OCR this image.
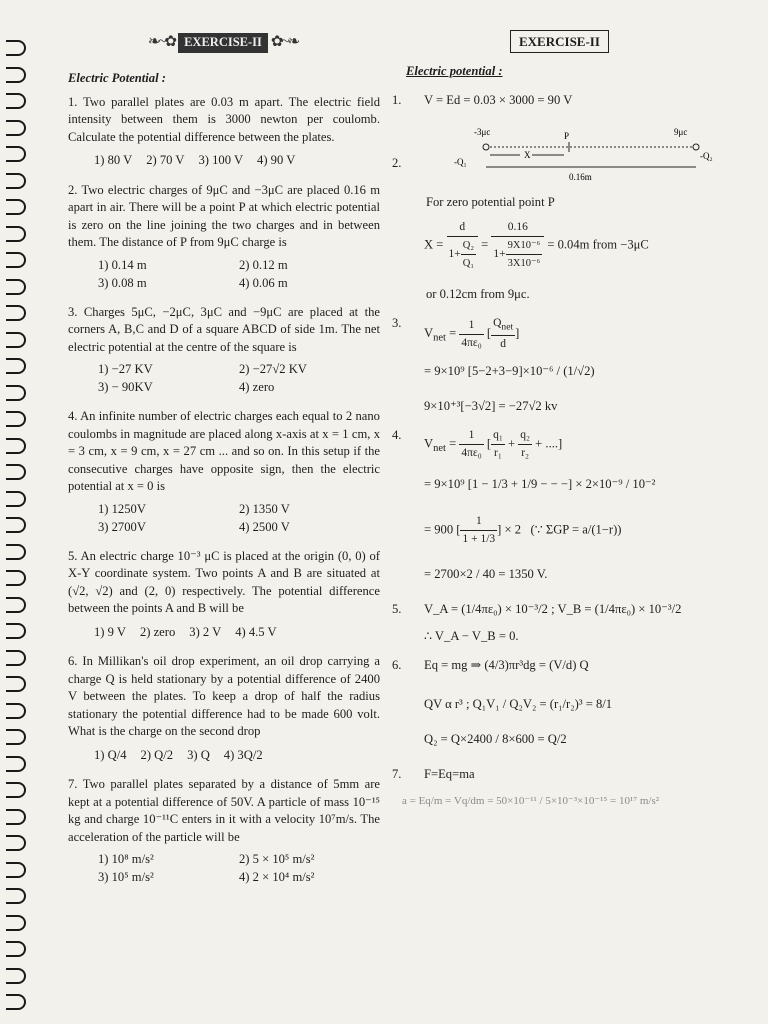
❧~✿ EXERCISE-II ✿~❧
Electric Potential :

1. Two parallel plates are 0.03 m apart. The electric field intensity between them is 3000 newton per coulomb. Calculate the potential difference between the plates.

1) 80 V 2) 70 V 3) 100 V 4) 90 V

2. Two electric charges of 9μC and −3μC are placed 0.16 m apart in air. There will be a point P at which electric potential is zero on the line joining the two charges and in between them. The distance of P from 9μC charge is

1) 0.14 m	2) 0.12 m
3) 0.08 m	4) 0.06 m

3. Charges 5μC, −2μC, 3μC and −9μC are placed at the corners A, B,C and D of a square ABCD of side 1m. The net electric potential at the centre of the square is

1) −27 KV	2) −27√2 KV
3) − 90KV	4) zero

4. An infinite number of electric charges each equal to 2 nano coulombs in magnitude are placed along x-axis at x = 1 cm, x = 3 cm, x = 9 cm, x = 27 cm ... and so on. In this setup if the consecutive charges have opposite sign, then the electric potential at x = 0 is

1) 1250V	2) 1350 V
3) 2700V	4) 2500 V

5. An electric charge 10⁻³ μC is placed at the origin (0, 0) of X-Y coordinate system. Two points A and B are situated at (√2, √2) and (2, 0) respectively. The potential difference between the points A and B will be

1) 9 V 2) zero 3) 2 V 4) 4.5 V

6. In Millikan's oil drop experiment, an oil drop carrying a charge Q is held stationary by a potential difference of 2400 V between the plates. To keep a drop of half the radius stationary the potential difference had to be made 600 volt. What is the charge on the second drop

1) Q/4 2) Q/2 3) Q 4) 3Q/2

7. Two parallel plates separated by a distance of 5mm are kept at a potential difference of 50V. A particle of mass 10⁻¹⁵ kg and charge 10⁻¹¹C enters in it with a velocity 10⁷m/s. The acceleration of the particle will be

1) 10⁸ m/s²	2) 5 × 10⁵ m/s²
3) 10⁵ m/s²	4) 2 × 10⁴ m/s²
EXERCISE-II
Electric potential :
1.	V = Ed = 0.03 × 3000 = 90 V
2.
-3μc	P	9μc
X
-Q₁
-Q₂
0.16m
For zero potential point P
$X = \frac{d}{1+ \frac{\text{Q₂}}{\text{Q₁}}} = \frac{0.16}{1+ \frac{\text{9X10⁻⁶}}{\text{3X10⁻⁶}}} = 0.04m$ from −3μC
or 0.12cm from 9μc.
3.
$V_{net} = \frac{1}{\text{4πε₀}}$ [ $\frac{Q_{net}}{d}$ ]
= 9×10⁹ [5−2+3−9]×10⁻⁶ / (1/√2)
9×10⁺³[−3√2] = −27√2 kv
4.
$V_{net} = \frac{1}{\text{4πε₀}}$ [ $\frac{\text{q₁}}{\text{r₁}} + \frac{\text{q₂}}{\text{r₂}}$ + ....]
= 9×10⁹ [1 − 1/3 + 1/9 − − −] × 2×10⁻⁹ / 10⁻²
= 900 [ $\frac{1}{1 + 1/3}$ ] × 2   (∵ ΣGP = a/(1−r))
= 2700×2 / 40 = 1350 V.
5.	V_A = (1/4πε₀) × 10⁻³/2 ; V_B = (1/4πε₀) × 10⁻³/2
∴ V_A − V_B = 0.
6.	Eq = mg ⇒ (4/3)πr³dg = (V/d) Q
QV α r³ ; Q₁V₁ / Q₂V₂ = (r₁/r₂)³ = 8/1
Q₂ = Q×2400 / 8×600 = Q/2
7.	F=Eq=ma
a = Eq/m = Vq/dm = 50×10⁻¹¹ / 5×10⁻³×10⁻¹⁵ = 10¹⁷ m/s²
